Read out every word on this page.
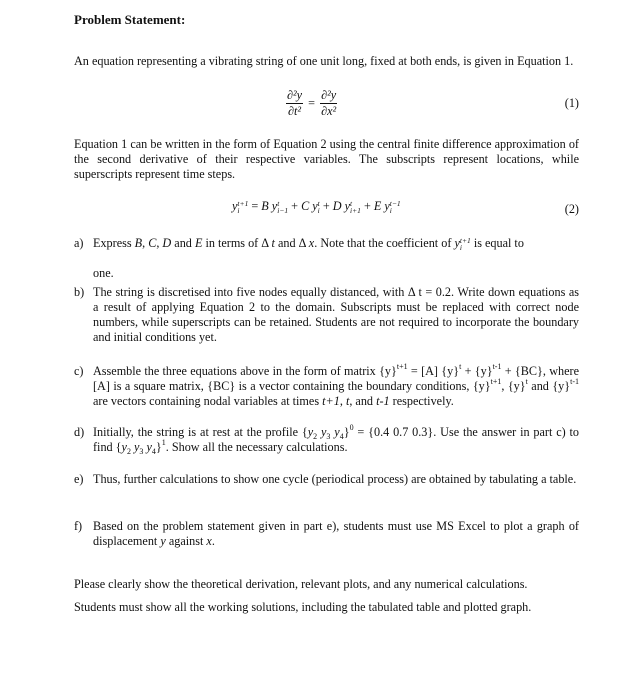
Problem Statement:
An equation representing a vibrating string of one unit long, fixed at both ends, is given in Equation 1.
$\frac{\text{∂²y}}{\text{∂t²}} = \frac{\text{∂²y}}{\text{∂x²}}$	(1)
Equation 1 can be written in the form of Equation 2 using the central finite difference approximation of the second derivative of their respective variables. The subscripts represent locations, while superscripts represent time steps.
y t+1
i = B y t
i−1 + C y t
i + D y t
i+1 + E y t−1
i	(2)
a) Express B, C, D and E in terms of Δ t and Δ x. Note that the coefficient of y t+1
i is equal to

one.
b) The string is discretised into five nodes equally distanced, with Δ t = 0.2. Write down equations as a result of applying Equation 2 to the domain. Subscripts must be replaced with correct node numbers, while superscripts can be retained. Students are not required to incorporate the boundary and initial conditions yet.
c) Assemble the three equations above in the form of matrix $\{y\}^{t+1} = [A] \{y\}^t + \{y\}^{t-1} + \{BC\}$, where [A] is a square matrix, {BC} is a vector containing the boundary conditions, $\{y\}^{t+1}$, $\{y\}^t$ and $\{y\}^{t-1}$ are vectors containing nodal variables at times t+1, t, and t-1 respectively.
d) Initially, the string is at rest at the profile {$y_2$ $y_3$ $y_4\}^0 = \{0.4$ 0.7 0.3}. Use the answer in part c) to find {$y_2$ $y_3$ $y_4\}^1$. Show all the necessary calculations.
e) Thus, further calculations to show one cycle (periodical process) are obtained by tabulating a table.
f) Based on the problem statement given in part e), students must use MS Excel to plot a graph of displacement y against x.
Please clearly show the theoretical derivation, relevant plots, and any numerical calculations.
Students must show all the working solutions, including the tabulated table and plotted graph.
